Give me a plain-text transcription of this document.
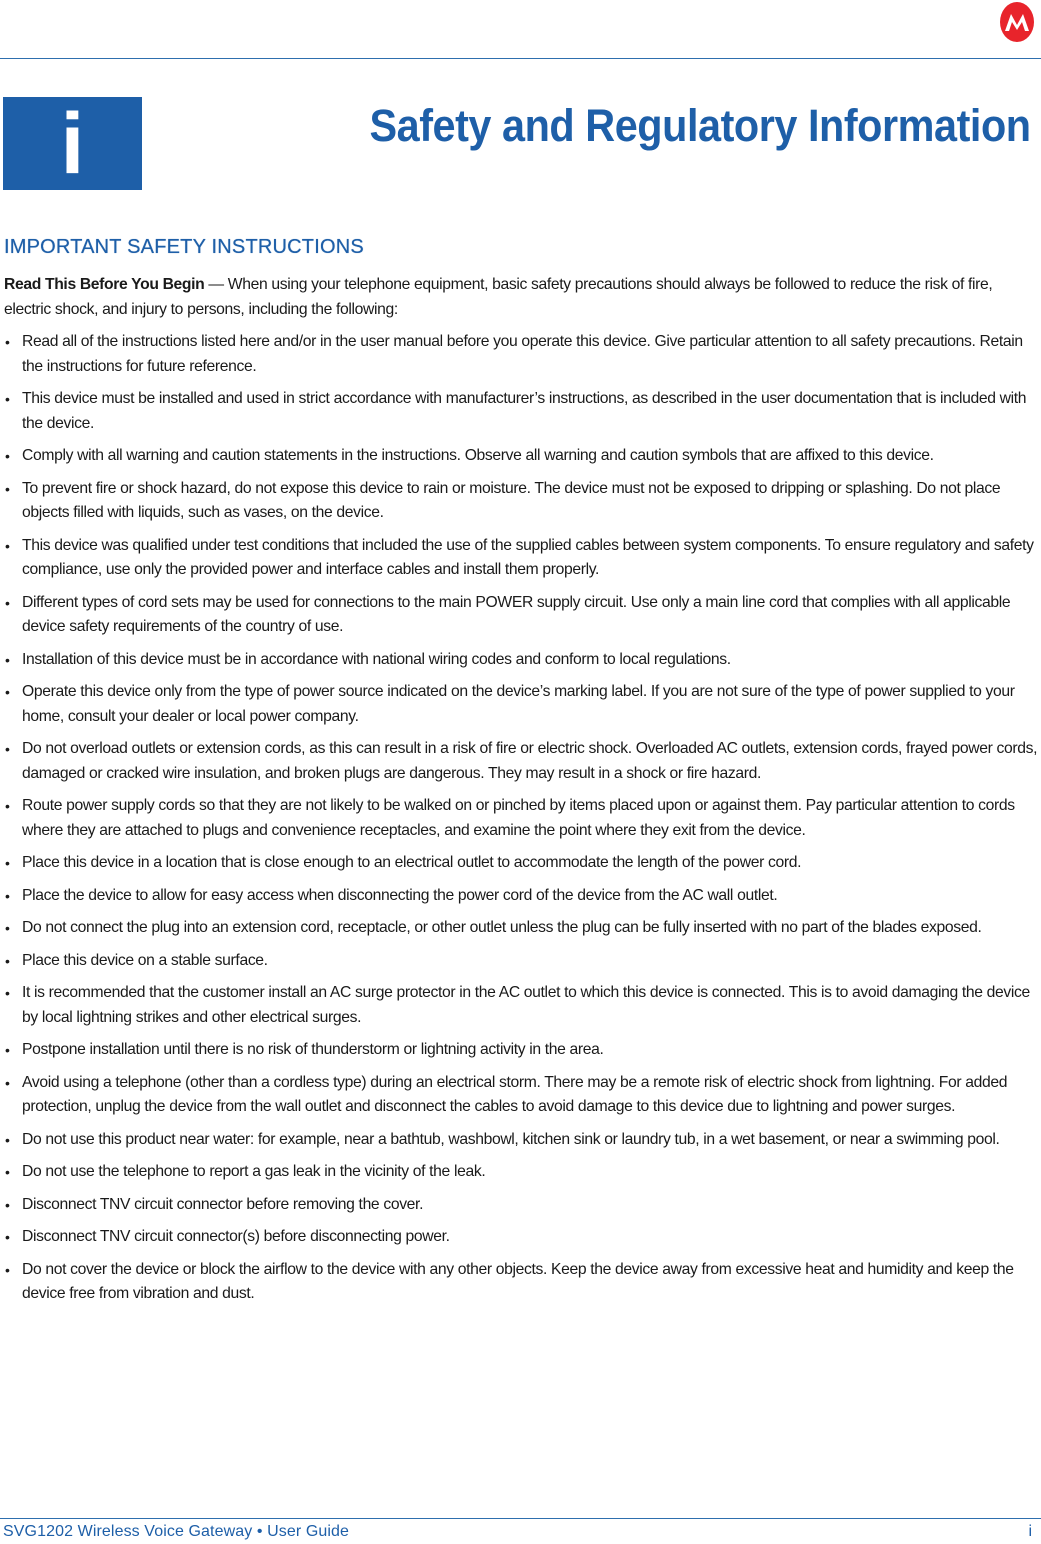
i	Safety and Regulatory Information
IMPORTANT SAFETY INSTRUCTIONS

Read This Before You Begin — When using your telephone equipment, basic safety precautions should always be followed to reduce the risk of fire, electric shock, and injury to persons, including the following:

• Read all of the instructions listed here and/or in the user manual before you operate this device. Give particular attention to all safety precautions. Retain the instructions for future reference.
• This device must be installed and used in strict accordance with manufacturer’s instructions, as described in the user documentation that is included with the device.
• Comply with all warning and caution statements in the instructions. Observe all warning and caution symbols that are affixed to this device.
• To prevent fire or shock hazard, do not expose this device to rain or moisture. The device must not be exposed to dripping or splashing. Do not place objects filled with liquids, such as vases, on the device.
• This device was qualified under test conditions that included the use of the supplied cables between system components. To ensure regulatory and safety compliance, use only the provided power and interface cables and install them properly.
• Different types of cord sets may be used for connections to the main POWER supply circuit. Use only a main line cord that complies with all applicable device safety requirements of the country of use.
• Installation of this device must be in accordance with national wiring codes and conform to local regulations.
• Operate this device only from the type of power source indicated on the device’s marking label. If you are not sure of the type of power supplied to your home, consult your dealer or local power company.
• Do not overload outlets or extension cords, as this can result in a risk of fire or electric shock. Overloaded AC outlets, extension cords, frayed power cords, damaged or cracked wire insulation, and broken plugs are dangerous. They may result in a shock or fire hazard.
• Route power supply cords so that they are not likely to be walked on or pinched by items placed upon or against them. Pay particular attention to cords where they are attached to plugs and convenience receptacles, and examine the point where they exit from the device.
• Place this device in a location that is close enough to an electrical outlet to accommodate the length of the power cord.
• Place the device to allow for easy access when disconnecting the power cord of the device from the AC wall outlet.
• Do not connect the plug into an extension cord, receptacle, or other outlet unless the plug can be fully inserted with no part of the blades exposed.
• Place this device on a stable surface.
• It is recommended that the customer install an AC surge protector in the AC outlet to which this device is connected. This is to avoid damaging the device by local lightning strikes and other electrical surges.
• Postpone installation until there is no risk of thunderstorm or lightning activity in the area.
• Avoid using a telephone (other than a cordless type) during an electrical storm. There may be a remote risk of electric shock from lightning. For added protection, unplug the device from the wall outlet and disconnect the cables to avoid damage to this device due to lightning and power surges.
• Do not use this product near water: for example, near a bathtub, washbowl, kitchen sink or laundry tub, in a wet basement, or near a swimming pool.
• Do not use the telephone to report a gas leak in the vicinity of the leak.
• Disconnect TNV circuit connector before removing the cover.
• Disconnect TNV circuit connector(s) before disconnecting power.
• Do not cover the device or block the airflow to the device with any other objects. Keep the device away from excessive heat and humidity and keep the device free from vibration and dust.
SVG1202 Wireless Voice Gateway • User Guide	i
